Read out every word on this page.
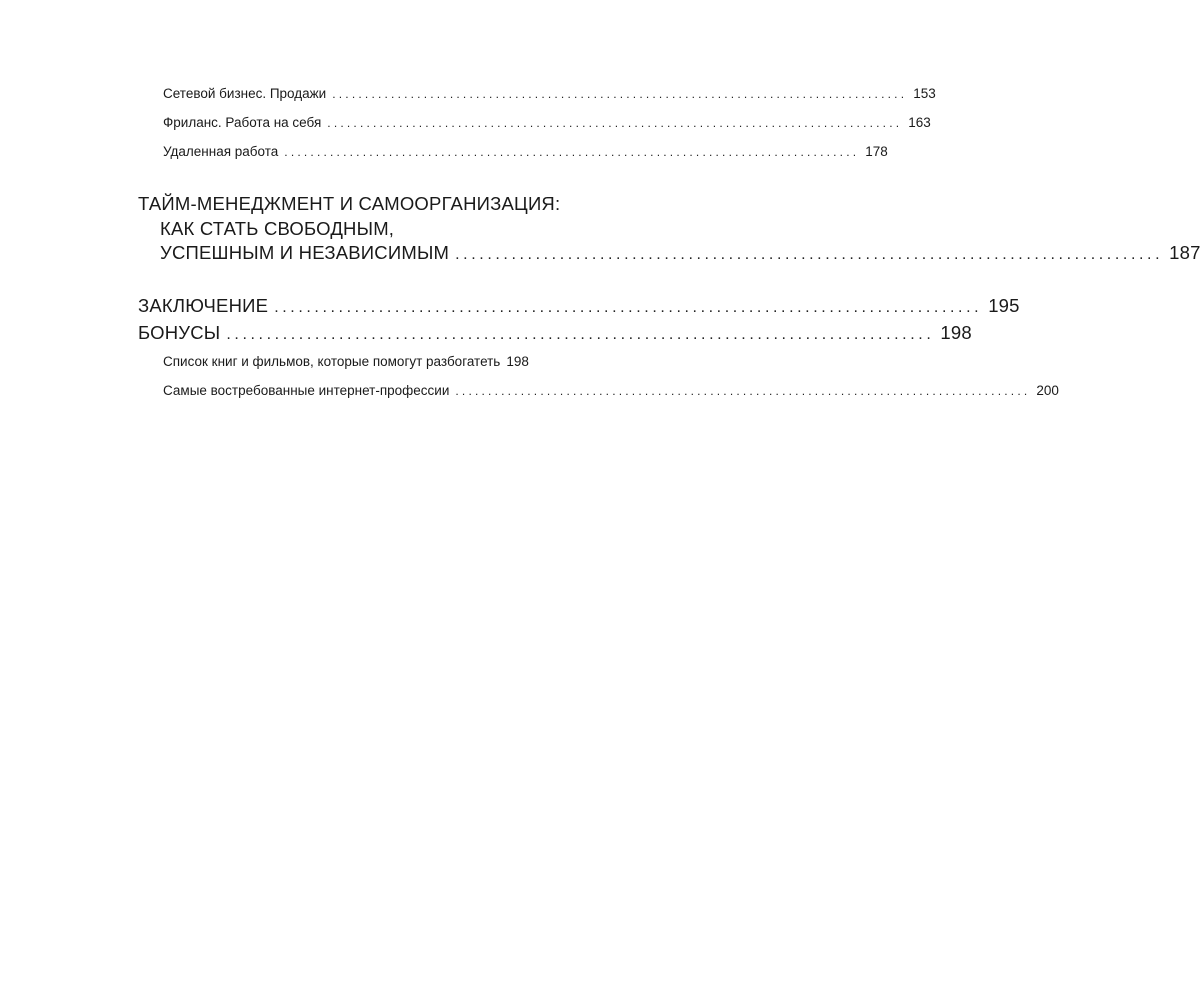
Сетевой бизнес. Продажи ........................................................................................ 153
Фриланс. Работа на себя ........................................................................................ 163
Удаленная работа ........................................................................................ 178
ТАЙМ-МЕНЕДЖМЕНТ И САМООРГАНИЗАЦИЯ:
КАК СТАТЬ СВОБОДНЫМ,
УСПЕШНЫМ И НЕЗАВИСИМЫМ ........................................................................................ 187
ЗАКЛЮЧЕНИЕ ........................................................................................ 195
БОНУСЫ ........................................................................................ 198
Список книг и фильмов, которые помогут разбогатеть 198
Самые востребованные интернет-профессии ........................................................................................ 200
